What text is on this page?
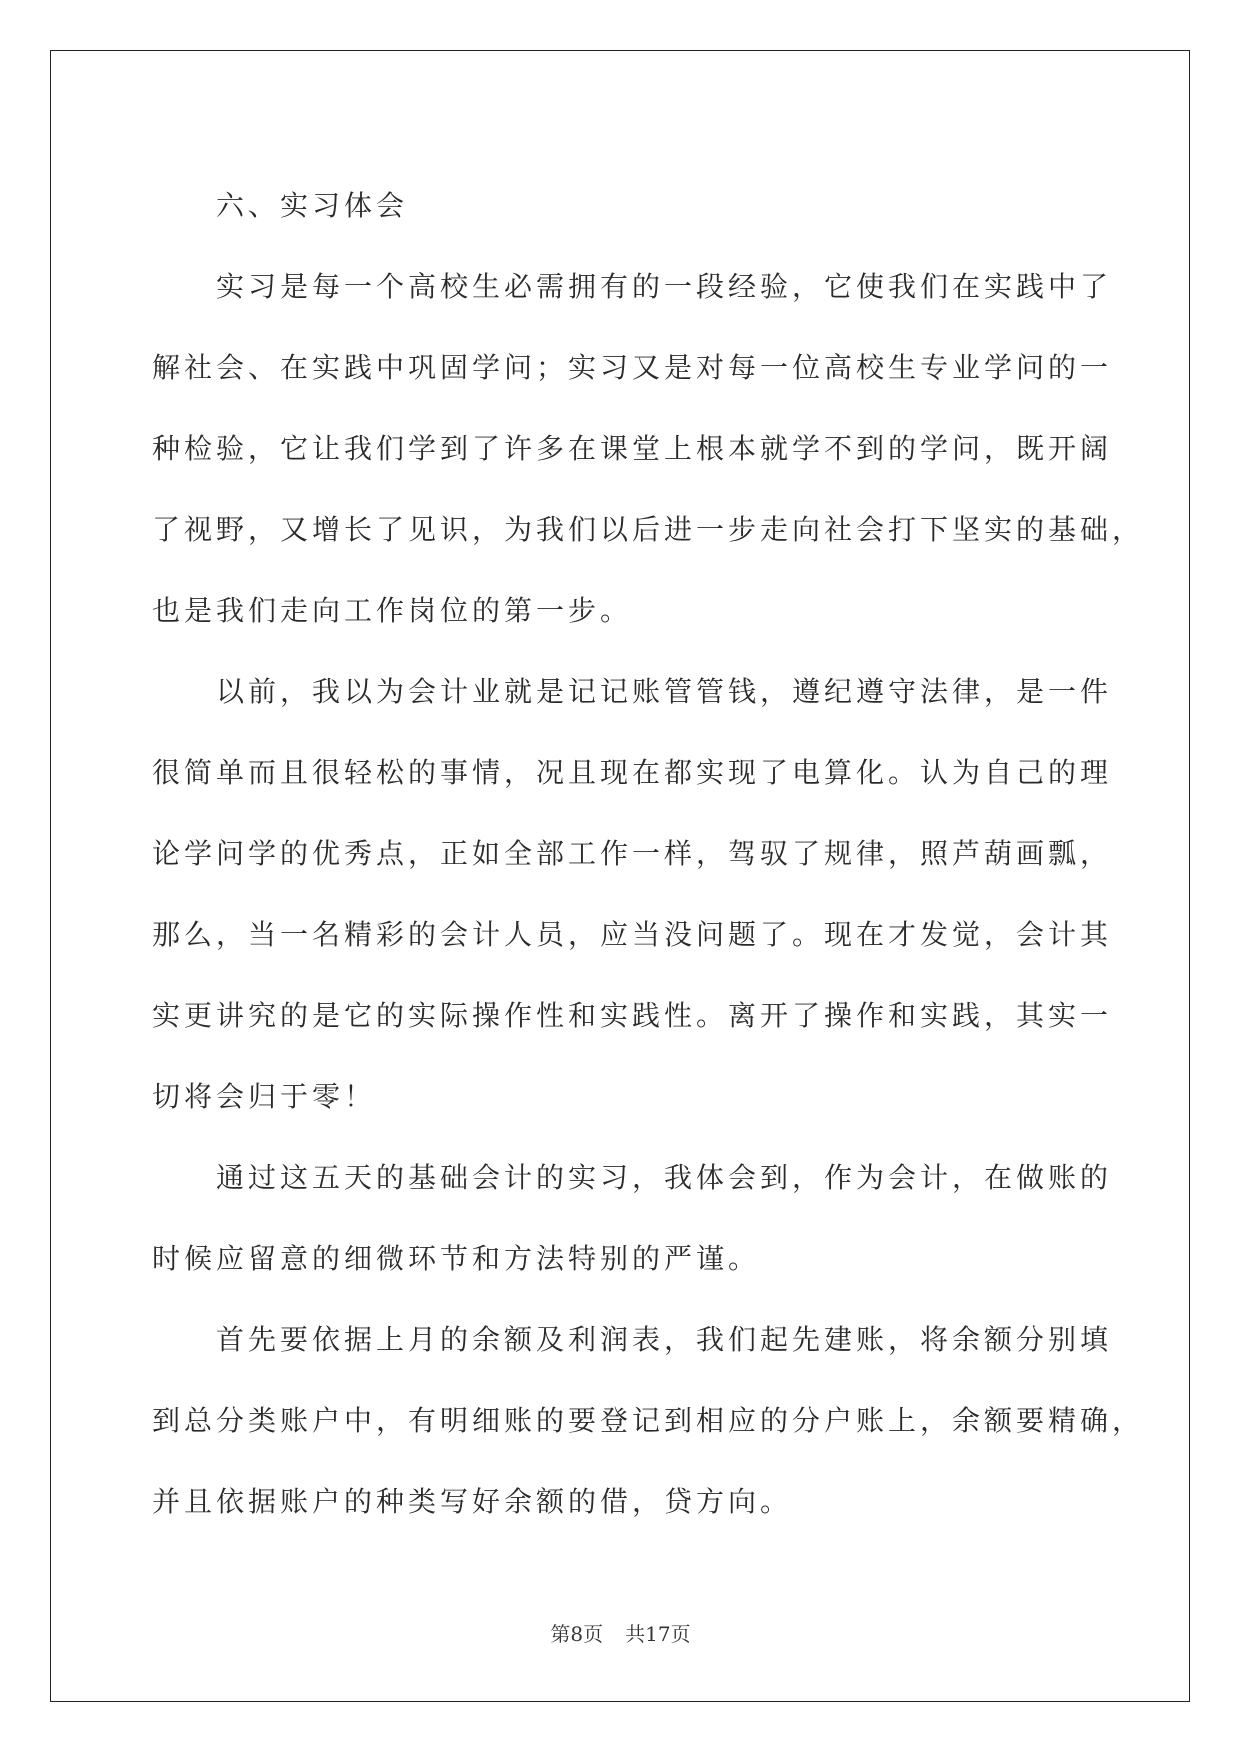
六、实习体会
实习是每一个高校生必需拥有的一段经验，它使我们在实践中了
解社会、在实践中巩固学问；实习又是对每一位高校生专业学问的一
种检验，它让我们学到了许多在课堂上根本就学不到的学问，既开阔
了视野，又增长了见识，为我们以后进一步走向社会打下坚实的基础，
也是我们走向工作岗位的第一步。
以前，我以为会计业就是记记账管管钱，遵纪遵守法律，是一件
很简单而且很轻松的事情，况且现在都实现了电算化。认为自己的理
论学问学的优秀点，正如全部工作一样，驾驭了规律，照芦葫画瓢，
那么，当一名精彩的会计人员，应当没问题了。现在才发觉，会计其
实更讲究的是它的实际操作性和实践性。离开了操作和实践，其实一
切将会归于零！
通过这五天的基础会计的实习，我体会到，作为会计，在做账的
时候应留意的细微环节和方法特别的严谨。
首先要依据上月的余额及利润表，我们起先建账，将余额分别填
到总分类账户中，有明细账的要登记到相应的分户账上，余额要精确，
并且依据账户的种类写好余额的借，贷方向。
第8页 共17页
